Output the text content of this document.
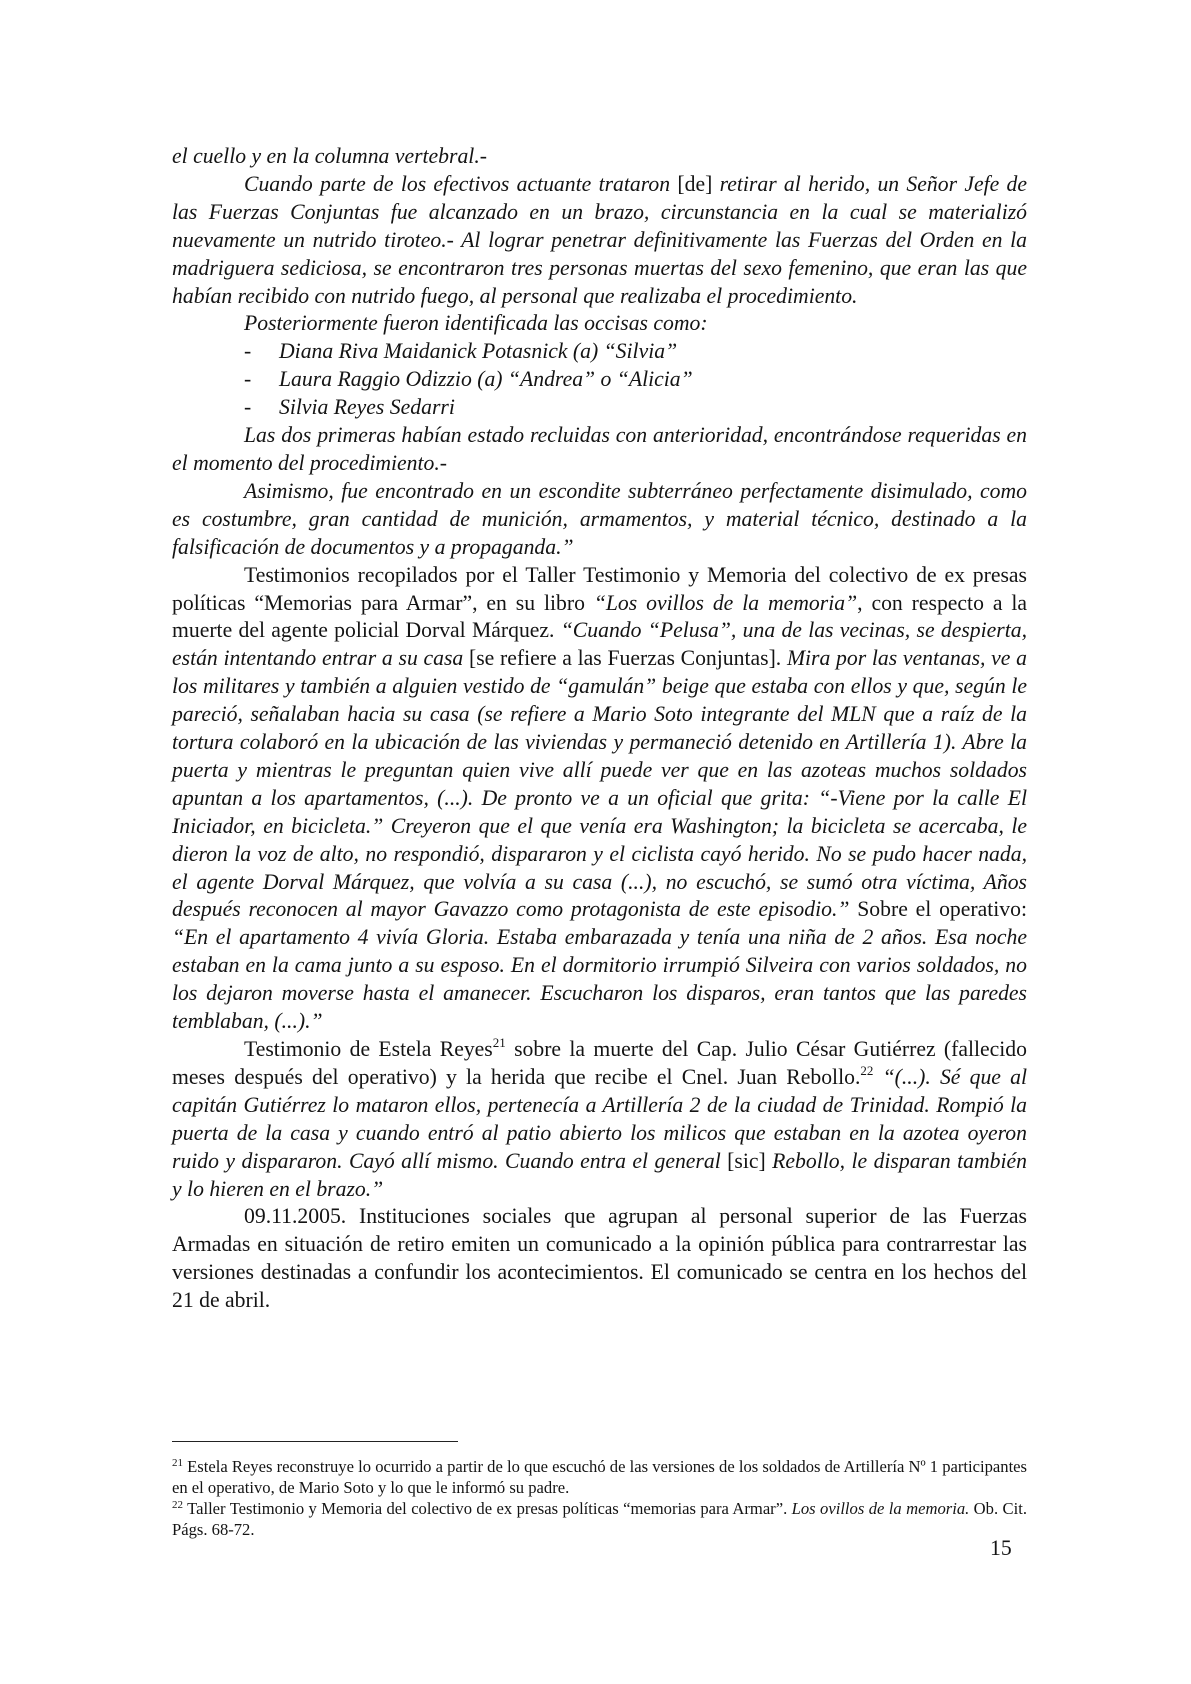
el cuello y en la columna vertebral.-

Cuando parte de los efectivos actuante trataron [de] retirar al herido, un Señor Jefe de las Fuerzas Conjuntas fue alcanzado en un brazo, circunstancia en la cual se materializó nuevamente un nutrido tiroteo.- Al lograr penetrar definitivamente las Fuerzas del Orden en la madriguera sediciosa, se encontraron tres personas muertas del sexo femenino, que eran las que habían recibido con nutrido fuego, al personal que realizaba el procedimiento.

Posteriormente fueron identificada las occisas como:

-	Diana Riva Maidanick Potasnick (a) “Silvia”
-	Laura Raggio Odizzio (a) “Andrea” o “Alicia”
-	Silvia Reyes Sedarri

Las dos primeras habían estado recluidas con anterioridad, encontrándose requeridas en el momento del procedimiento.-

Asimismo, fue encontrado en un escondite subterráneo perfectamente disimulado, como es costumbre, gran cantidad de munición, armamentos, y material técnico, destinado a la falsificación de documentos y a propaganda.”

Testimonios recopilados por el Taller Testimonio y Memoria del colectivo de ex presas políticas “Memorias para Armar”, en su libro “Los ovillos de la memoria”, con respecto a la muerte del agente policial Dorval Márquez. “Cuando “Pelusa”, una de las vecinas, se despierta, están intentando entrar a su casa [se refiere a las Fuerzas Conjuntas]. Mira por las ventanas, ve a los militares y también a alguien vestido de “gamulán” beige que estaba con ellos y que, según le pareció, señalaban hacia su casa (se refiere a Mario Soto integrante del MLN que a raíz de la tortura colaboró en la ubicación de las viviendas y permaneció detenido en Artillería 1). Abre la puerta y mientras le preguntan quien vive allí puede ver que en las azoteas muchos soldados apuntan a los apartamentos, (...). De pronto ve a un oficial que grita: “-Viene por la calle El Iniciador, en bicicleta.” Creyeron que el que venía era Washington; la bicicleta se acercaba, le dieron la voz de alto, no respondió, dispararon y el ciclista cayó herido. No se pudo hacer nada, el agente Dorval Márquez, que volvía a su casa (...), no escuchó, se sumó otra víctima, Años después reconocen al mayor Gavazzo como protagonista de este episodio.” Sobre el operativo: “En el apartamento 4 vivía Gloria. Estaba embarazada y tenía una niña de 2 años. Esa noche estaban en la cama junto a su esposo. En el dormitorio irrumpió Silveira con varios soldados, no los dejaron moverse hasta el amanecer. Escucharon los disparos, eran tantos que las paredes temblaban, (...).”

Testimonio de Estela Reyes$^{21}$ sobre la muerte del Cap. Julio César Gutiérrez (fallecido meses después del operativo) y la herida que recibe el Cnel. Juan Rebollo.$^{22}$ “(...). Sé que al capitán Gutiérrez lo mataron ellos, pertenecía a Artillería 2 de la ciudad de Trinidad. Rompió la puerta de la casa y cuando entró al patio abierto los milicos que estaban en la azotea oyeron ruido y dispararon. Cayó allí mismo. Cuando entra el general [sic] Rebollo, le disparan también y lo hieren en el brazo.”

09.11.2005. Instituciones sociales que agrupan al personal superior de las Fuerzas Armadas en situación de retiro emiten un comunicado a la opinión pública para contrarrestar las versiones destinadas a confundir los acontecimientos. El comunicado se centra en los hechos del 21 de abril.

$^{21}$ Estela Reyes reconstruye lo ocurrido a partir de lo que escuchó de las versiones de los soldados de Artillería Nº 1 participantes en el operativo, de Mario Soto y lo que le informó su padre.

$^{22}$ Taller Testimonio y Memoria del colectivo de ex presas políticas “memorias para Armar”. Los ovillos de la memoria. Ob. Cit. Págs. 68-72.

15
